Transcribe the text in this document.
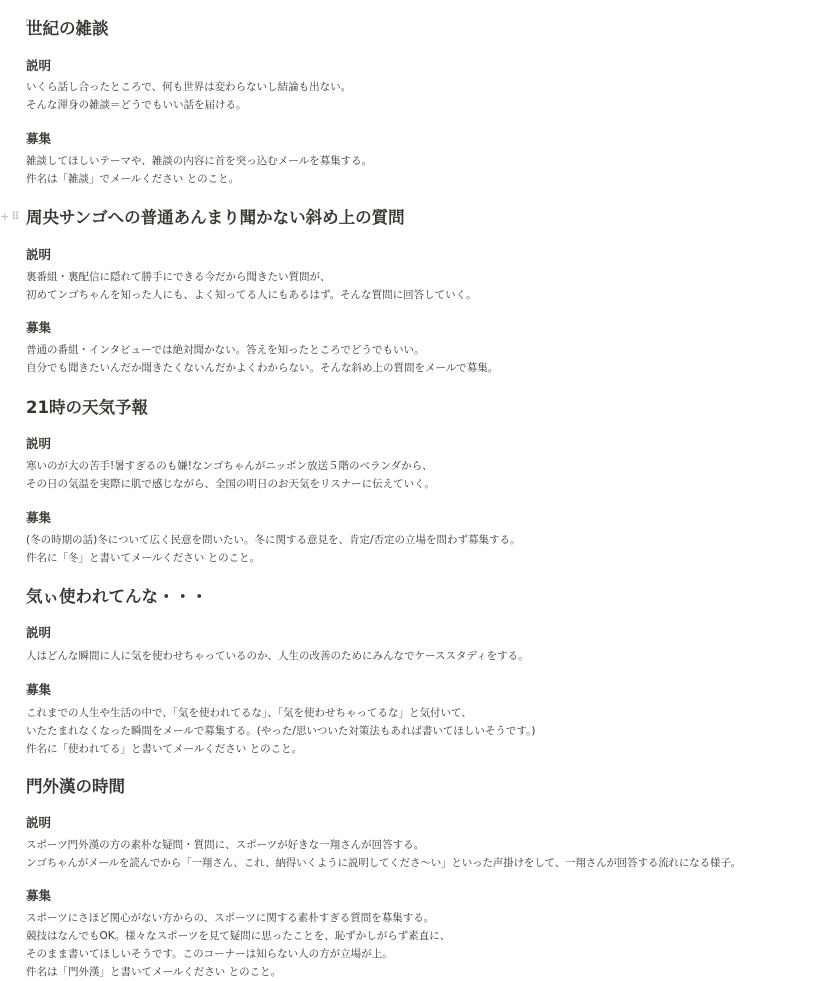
世紀の雑談
説明

いくら話し合ったところで、何も世界は変わらないし結論も出ない。

そんな渾身の雑談＝どうでもいい話を届ける。

募集

雑談してほしいテーマや、雑談の内容に首を突っ込むメールを募集する。

件名は「雑談」でメールください とのこと。

+ ⠿ 周央サンゴへの普通あんまり聞かない斜め上の質問
説明

裏番組・裏配信に隠れて勝手にできる今だから聞きたい質問が、

初めてンゴちゃんを知った人にも、よく知ってる人にもあるはず。そんな質問に回答していく。

募集

普通の番組・インタビューでは絶対聞かない。答えを知ったところでどうでもいい。

自分でも聞きたいんだか聞きたくないんだかよくわからない。そんな斜め上の質問をメールで募集。

21時の天気予報
説明

寒いのが大の苦手!暑すぎるのも嫌!なンゴちゃんがニッポン放送５階のベランダから、

その日の気温を実際に肌で感じながら、全国の明日のお天気をリスナーに伝えていく。

募集

(冬の時期の話)冬について広く民意を問いたい。冬に関する意見を、肯定/否定の立場を問わず募集する。

件名に「冬」と書いてメールください とのこと。

気ぃ使われてんな・・・
説明

人はどんな瞬間に人に気を使わせちゃっているのか、人生の改善のためにみんなでケーススタディをする。

募集

これまでの人生や生活の中で、「気を使われてるな」、「気を使わせちゃってるな」と気付いて、

いたたまれなくなった瞬間をメールで募集する。(やった/思いついた対策法もあれば書いてほしいそうです。)

件名に「使われてる」と書いてメールください とのこと。

門外漢の時間
説明

スポーツ門外漢の方の素朴な疑問・質問に、スポーツが好きな一翔さんが回答する。

ンゴちゃんがメールを読んでから「一翔さん、これ、納得いくように説明してくださ〜い」といった声掛けをして、一翔さんが回答する流れになる様子。

募集

スポーツにさほど関心がない方からの、スポーツに関する素朴すぎる質問を募集する。

競技はなんでもOK。様々なスポーツを見て疑問に思ったことを、恥ずかしがらず素直に、

そのまま書いてほしいそうです。このコーナーは知らない人の方が立場が上。

件名は「門外漢」と書いてメールください とのこと。
